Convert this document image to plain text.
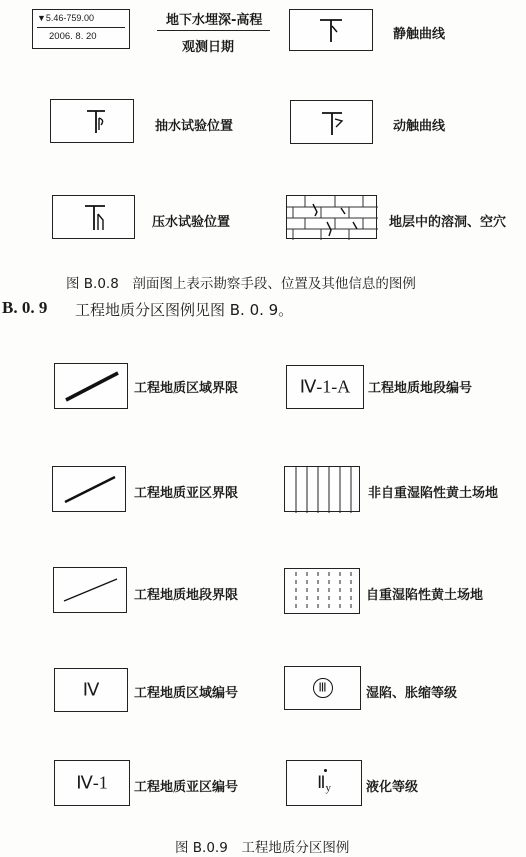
▼5.46-759.00
2006. 8. 20
地下水埋深-高程
观测日期
静触曲线
抽水试验位置	动触曲线
压水试验位置	地层中的溶洞、空穴
图 B.0.8　剖面图上表示勘察手段、位置及其他信息的图例
B. 0. 9 工程地质分区图例见图 B. 0. 9。
工程地质区域界限	Ⅳ-1-A	工程地质地段编号
工程地质亚区界限	非自重湿陷性黄土场地
工程地质地段界限	自重湿陷性黄土场地
Ⅳ	工程地质区域编号	Ⅲ	湿陷、胀缩等级
Ⅳ-1	工程地质亚区编号	Ⅱy	液化等级
图 B.0.9　工程地质分区图例
